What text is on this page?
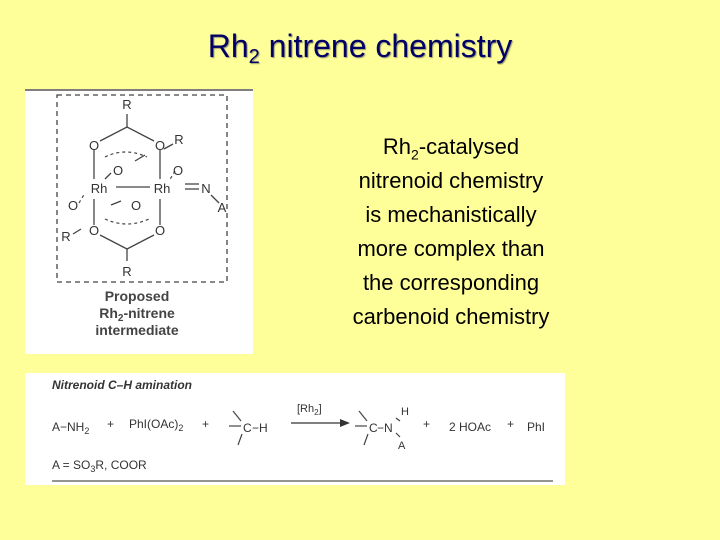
$Rh_2$ nitrene chemistry
R
O	R
O
O
O
Rh	Rh N
O	O	A
R O	O
R
Proposed
$Rh_2$-nitrene
intermediate
$Rh_2$-catalysed
nitrenoid chemistry
is mechanistically
more complex than
the corresponding
carbenoid chemistry
Nitrenoid C–H amination
$A-NH_2 + PhI(OAc)_2$ +	C −H
$[Rh_2]$
C −N
H
A
+ 2 HOAc + PhI
$A = SO_3R$, COOR
